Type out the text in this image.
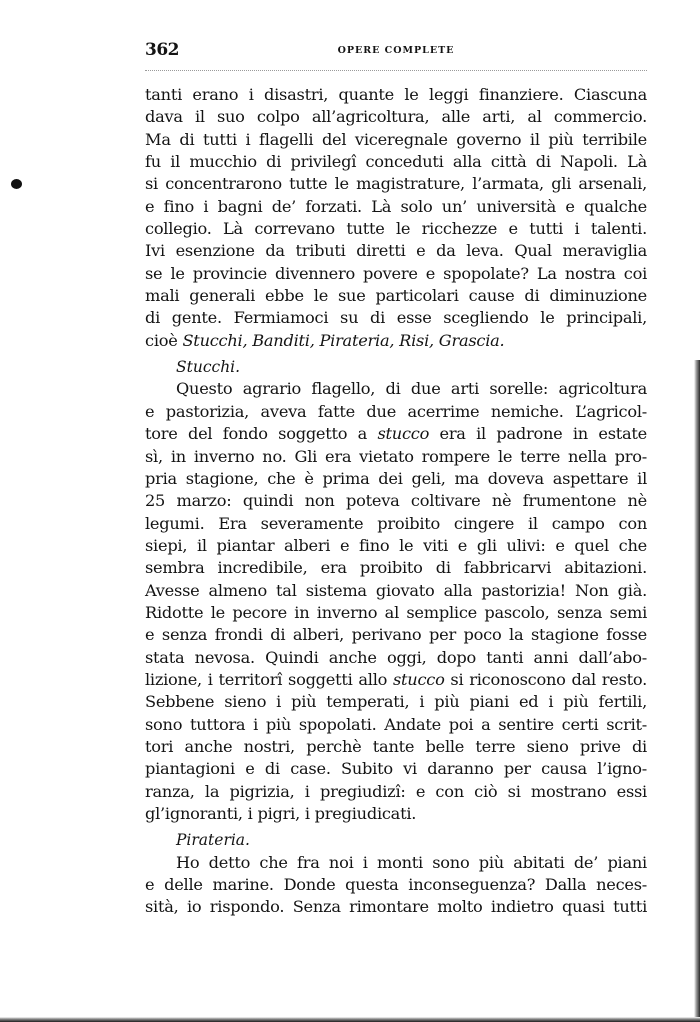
362	OPERE COMPLETE
tanti erano i disastri, quante le leggi finanziere. Ciascuna
dava il suo colpo all’agricoltura, alle arti, al commercio.
Ma di tutti i flagelli del viceregnale governo il più terribile
fu il mucchio di privilegî conceduti alla città di Napoli. Là
si concentrarono tutte le magistrature, l’armata, gli arsenali,
e fino i bagni de’ forzati. Là solo un’ università e qualche
collegio. Là correvano tutte le ricchezze e tutti i talenti.
Ivi esenzione da tributi diretti e da leva. Qual meraviglia
se le provincie divennero povere e spopolate? La nostra coi
mali generali ebbe le sue particolari cause di diminuzione
di gente. Fermiamoci su di esse scegliendo le principali,
cioè Stucchi, Banditi, Pirateria, Risi, Grascia.
Stucchi.
Questo agrario flagello, di due arti sorelle: agricoltura
e pastorizia, aveva fatte due acerrime nemiche. L’agricol-
tore del fondo soggetto a stucco era il padrone in estate
sì, in inverno no. Gli era vietato rompere le terre nella pro-
pria stagione, che è prima dei geli, ma doveva aspettare il
25 marzo: quindi non poteva coltivare nè frumentone nè
legumi. Era severamente proibito cingere il campo con
siepi, il piantar alberi e fino le viti e gli ulivi: e quel che
sembra incredibile, era proibito di fabbricarvi abitazioni.
Avesse almeno tal sistema giovato alla pastorizia! Non già.
Ridotte le pecore in inverno al semplice pascolo, senza semi
e senza frondi di alberi, perivano per poco la stagione fosse
stata nevosa. Quindi anche oggi, dopo tanti anni dall’abo-
lizione, i territorî soggetti allo stucco si riconoscono dal resto.
Sebbene sieno i più temperati, i più piani ed i più fertili,
sono tuttora i più spopolati. Andate poi a sentire certi scrit-
tori anche nostri, perchè tante belle terre sieno prive di
piantagioni e di case. Subito vi daranno per causa l’igno-
ranza, la pigrizia, i pregiudizî: e con ciò si mostrano essi
gl’ignoranti, i pigri, i pregiudicati.
Pirateria.
Ho detto che fra noi i monti sono più abitati de’ piani
e delle marine. Donde questa inconseguenza? Dalla neces-
sità, io rispondo. Senza rimontare molto indietro quasi tutti
